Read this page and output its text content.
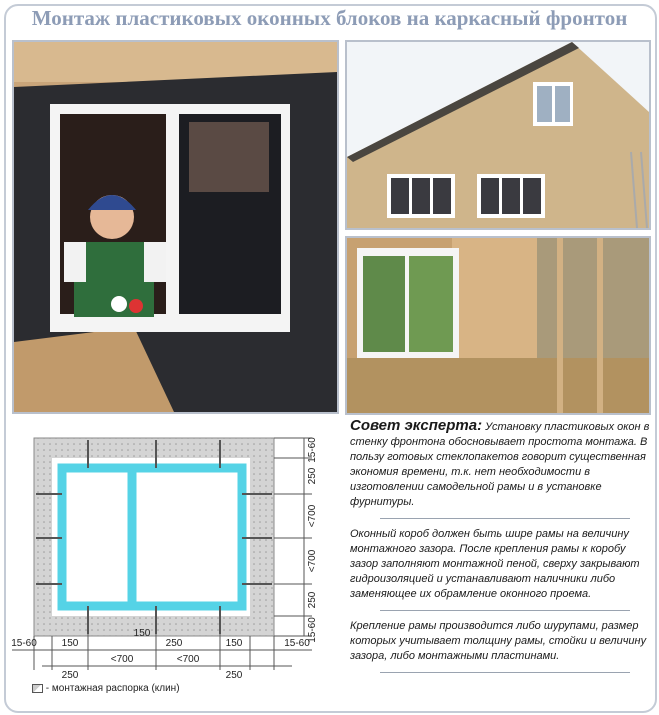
Монтаж пластиковых оконных блоков на каркасный фронтон
15-60
250
<700
<700
250
15-60
15-60 150
150
250	150	15-60
250
<700	<700
250
- монтажная распорка (клин)

Совет эксперта: Установку пластиковых окон в стенку фронтона обосновывает простота монтажа. В пользу готовых стеклопакетов говорит существенная экономия времени, т.к. нет необходимости в изготовлении самодельной рамы и в установке фурнитуры.

Оконный короб должен быть шире рамы на величину монтажного зазора. После крепления рамы к коробу зазор заполняют монтажной пеной, сверху закрывают гидроизоляцией и устанавливают наличники либо заменяющее их обрамление оконного проема.

Крепление рамы производится либо шурупами, размер которых учитывает толщину рамы, стойки и величину зазора, либо монтажными пластинами.
